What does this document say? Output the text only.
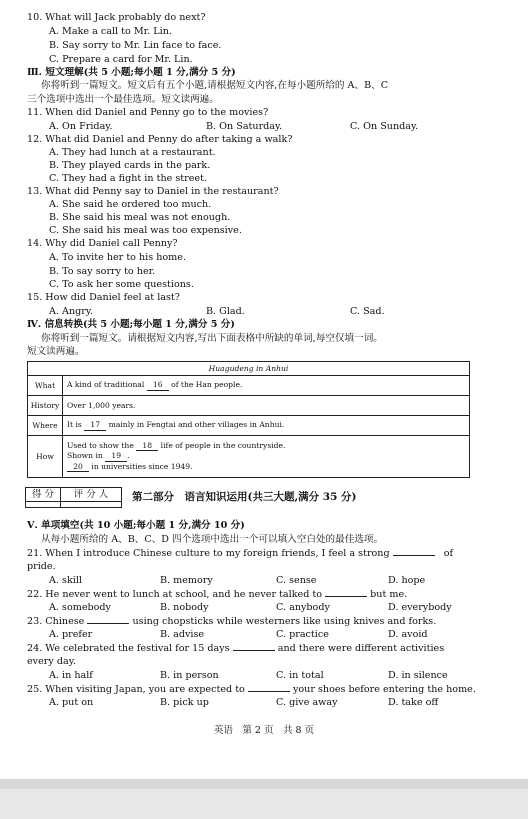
10. What will Jack probably do next?
A. Make a call to Mr. Lin.
B. Say sorry to Mr. Lin face to face.
C. Prepare a card for Mr. Lin.
Ⅲ. 短文理解(共 5 小题;每小题 1 分,满分 5 分)
你将听到一篇短文。短文后有五个小题,请根据短文内容,在每小题所给的 A、B、C
三个选项中选出一个最佳选项。短文读两遍。
11. When did Daniel and Penny go to the movies?
A. On Friday.	B. On Saturday.	C. On Sunday.
12. What did Daniel and Penny do after taking a walk?
A. They had lunch at a restaurant.
B. They played cards in the park.
C. They had a fight in the street.
13. What did Penny say to Daniel in the restaurant?
A. She said he ordered too much.
B. She said his meal was not enough.
C. She said his meal was too expensive.
14. Why did Daniel call Penny?
A. To invite her to his home.
B. To say sorry to her.
C. To ask her some questions.
15. How did Daniel feel at last?
A. Angry.	B. Glad.	C. Sad.
Ⅳ. 信息转换(共 5 小题;每小题 1 分,满分 5 分)
你将听到一篇短文。请根据短文内容,写出下面表格中所缺的单词,每空仅填一词。
短文读两遍。
Huagudeng in Anhui	
What	A kind of traditional 16 of the Han people.
History	Over 1,000 years.
Where	It is 17 mainly in Fengtai and other villages in Anhui.
How	Used to show the 18 life of people in the countryside.
Shown in 19 .
20 in universities since 1949.
得 分	评 分 人	第二部分　语言知识运用(共三大题,满分 35 分)
Ⅴ. 单项填空(共 10 小题;每小题 1 分,满分 10 分)
从每小题所给的 A、B、C、D 四个选项中选出一个可以填入空白处的最佳选项。
21. When I introduce Chinese culture to my foreign friends, I feel a strong	of
pride.
A. skill	B. memory	C. sense	D. hope
22. He never went to lunch at school, and he never talked to	but me.
A. somebody	B. nobody	C. anybody	D. everybody
23. Chinese	using chopsticks while westerners like using knives and forks.
A. prefer	B. advise	C. practice	D. avoid
24. We celebrated the festival for 15 days	and there were different activities
every day.
A. in half	B. in person	C. in total	D. in silence
25. When visiting Japan, you are expected to	your shoes before entering the home.
A. put on	B. pick up	C. give away	D. take off
英语　第 2 页　共 8 页
